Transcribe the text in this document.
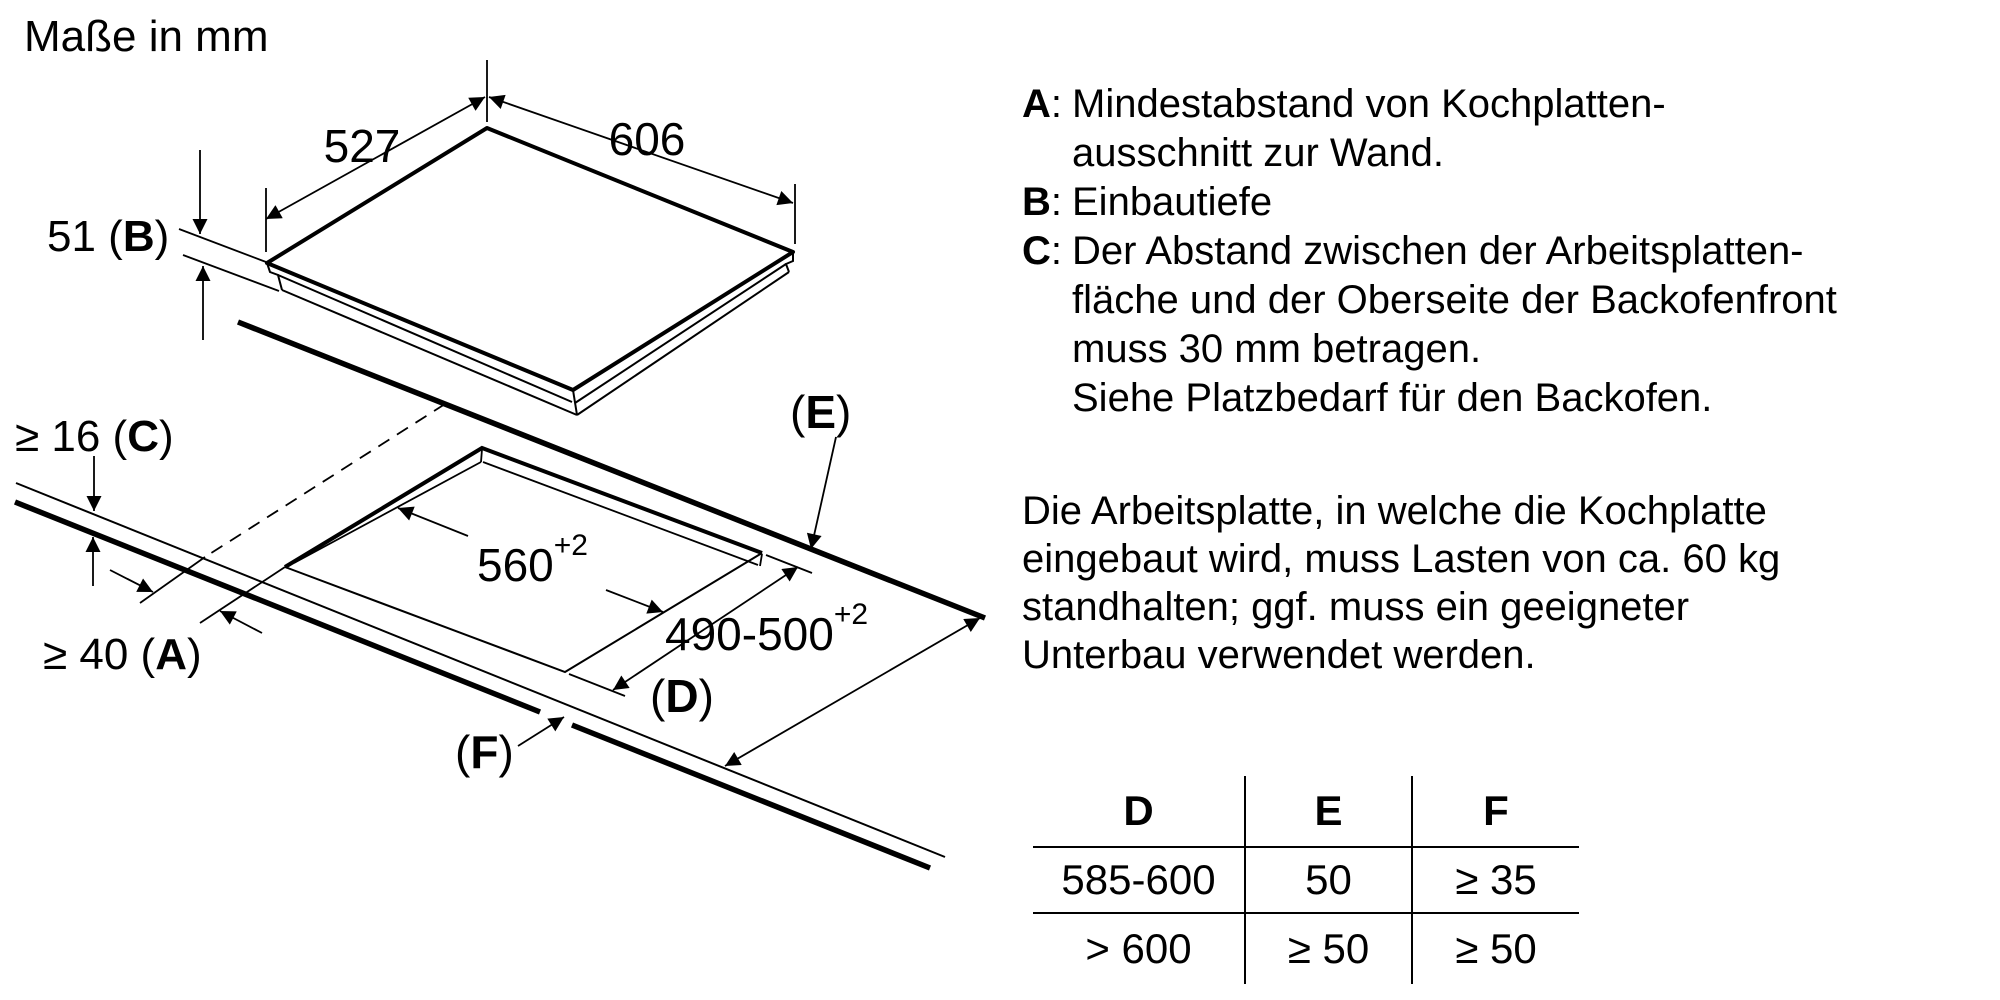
Maße in mm
≥ 16 (C)
≥ 40 (A)
$560^{+2}$
$490-500^{+2}$
(E)
(D)
(F)
527	606
51 (B)
A: Mindestabstand von Kochplatten-
ausschnitt zur Wand.
B: Einbautiefe
C: Der Abstand zwischen der Arbeitsplatten-
fläche und der Oberseite der Backofenfront
muss 30 mm betragen.
Siehe Platzbedarf für den Backofen.
Die Arbeitsplatte, in welche die Kochplatte
eingebaut wird, muss Lasten von ca. 60 kg
standhalten; ggf. muss ein geeigneter
Unterbau verwendet werden.
D	E	F
585-600	50	≥ 35
> 600	≥ 50	≥ 50
